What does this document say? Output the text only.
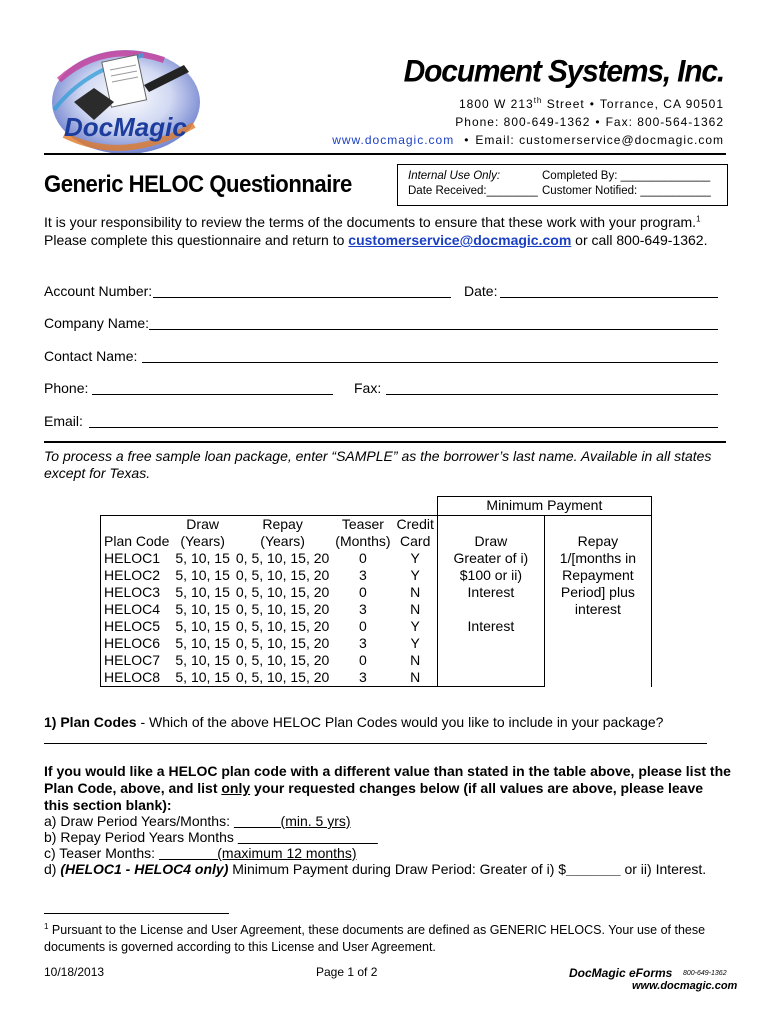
DocMagic
Document Systems, Inc.
1800 W 213th Street • Torrance, CA 90501
Phone: 800-649-1362 • Fax: 800-564-1362
www.docmagic.com • Email: customerservice@docmagic.com
Generic HELOC Questionnaire	Internal Use Only:
Date Received:________
Completed By: ______________
Customer Notified: ___________
It is your responsibility to review the terms of the documents to ensure that these work with your program.$^1$
Please complete this questionnaire and return to customerservice@docmagic.com or call 800-649-1362.
Account Number:	Date:
Company Name:
Contact Name:
Phone:	Fax:
Email:
To process a free sample loan package, enter “SAMPLE” as the borrower’s last name. Available in all states except for Texas.
					Minimum Payment	
	Draw	Repay	Teaser	Credit		
Plan Code	(Years)	(Years)	(Months)	Card	Draw	Repay
HELOC1	5, 10, 15	0, 5, 10, 15, 20	0	Y	Greater of i) $100 or ii) Interest	1/[months in Repayment Period] plus interest
HELOC2	5, 10, 15	0, 5, 10, 15, 20	3	Y		
HELOC3	5, 10, 15	0, 5, 10, 15, 20	0	N		
HELOC4	5, 10, 15	0, 5, 10, 15, 20	3	N		
HELOC5	5, 10, 15	0, 5, 10, 15, 20	0	Y	Interest	
HELOC6	5, 10, 15	0, 5, 10, 15, 20	3	Y		
HELOC7	5, 10, 15	0, 5, 10, 15, 20	0	N		
HELOC8	5, 10, 15	0, 5, 10, 15, 20	3	N		
1) Plan Codes - Which of the above HELOC Plan Codes would you like to include in your package?
If you would like a HELOC plan code with a different value than stated in the table above, please list the
Plan Code, above, and list only your requested changes below (if all values are above, please leave
this section blank):
a) Draw Period Years/Months:             (min. 5 yrs)
b) Repay Period Years Months
c) Teaser Months:                (maximum 12 months)
d) (HELOC1 - HELOC4 only) Minimum Payment during Draw Period: Greater of i) $_______ or ii) Interest.
$^1$ Pursuant to the License and User Agreement, these documents are defined as GENERIC HELOCS. Your use of these documents is governed according to this License and User Agreement.
10/18/2013	Page 1 of 2	DocMagic eForms 800-649-1362
www.docmagic.com
